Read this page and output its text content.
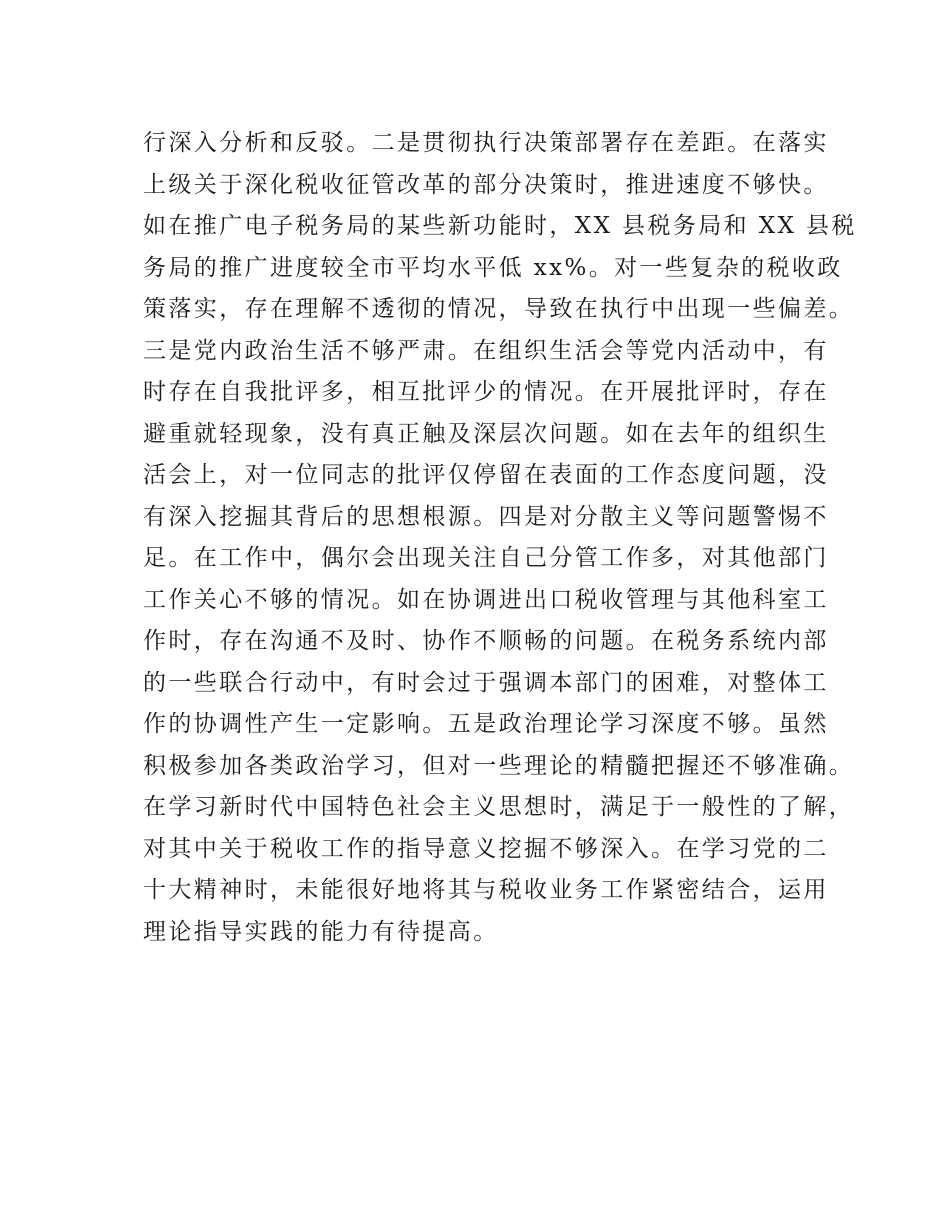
行深入分析和反驳。二是贯彻执行决策部署存在差距。在落实
上级关于深化税收征管改革的部分决策时，推进速度不够快。
如在推广电子税务局的某些新功能时，XX 县税务局和 XX 县税
务局的推广进度较全市平均水平低 xx%。对一些复杂的税收政
策落实，存在理解不透彻的情况，导致在执行中出现一些偏差。
三是党内政治生活不够严肃。在组织生活会等党内活动中，有
时存在自我批评多，相互批评少的情况。在开展批评时，存在
避重就轻现象，没有真正触及深层次问题。如在去年的组织生
活会上，对一位同志的批评仅停留在表面的工作态度问题，没
有深入挖掘其背后的思想根源。四是对分散主义等问题警惕不
足。在工作中，偶尔会出现关注自己分管工作多，对其他部门
工作关心不够的情况。如在协调进出口税收管理与其他科室工
作时，存在沟通不及时、协作不顺畅的问题。在税务系统内部
的一些联合行动中，有时会过于强调本部门的困难，对整体工
作的协调性产生一定影响。五是政治理论学习深度不够。虽然
积极参加各类政治学习，但对一些理论的精髓把握还不够准确。
在学习新时代中国特色社会主义思想时，满足于一般性的了解，
对其中关于税收工作的指导意义挖掘不够深入。在学习党的二
十大精神时，未能很好地将其与税收业务工作紧密结合，运用
理论指导实践的能力有待提高。
